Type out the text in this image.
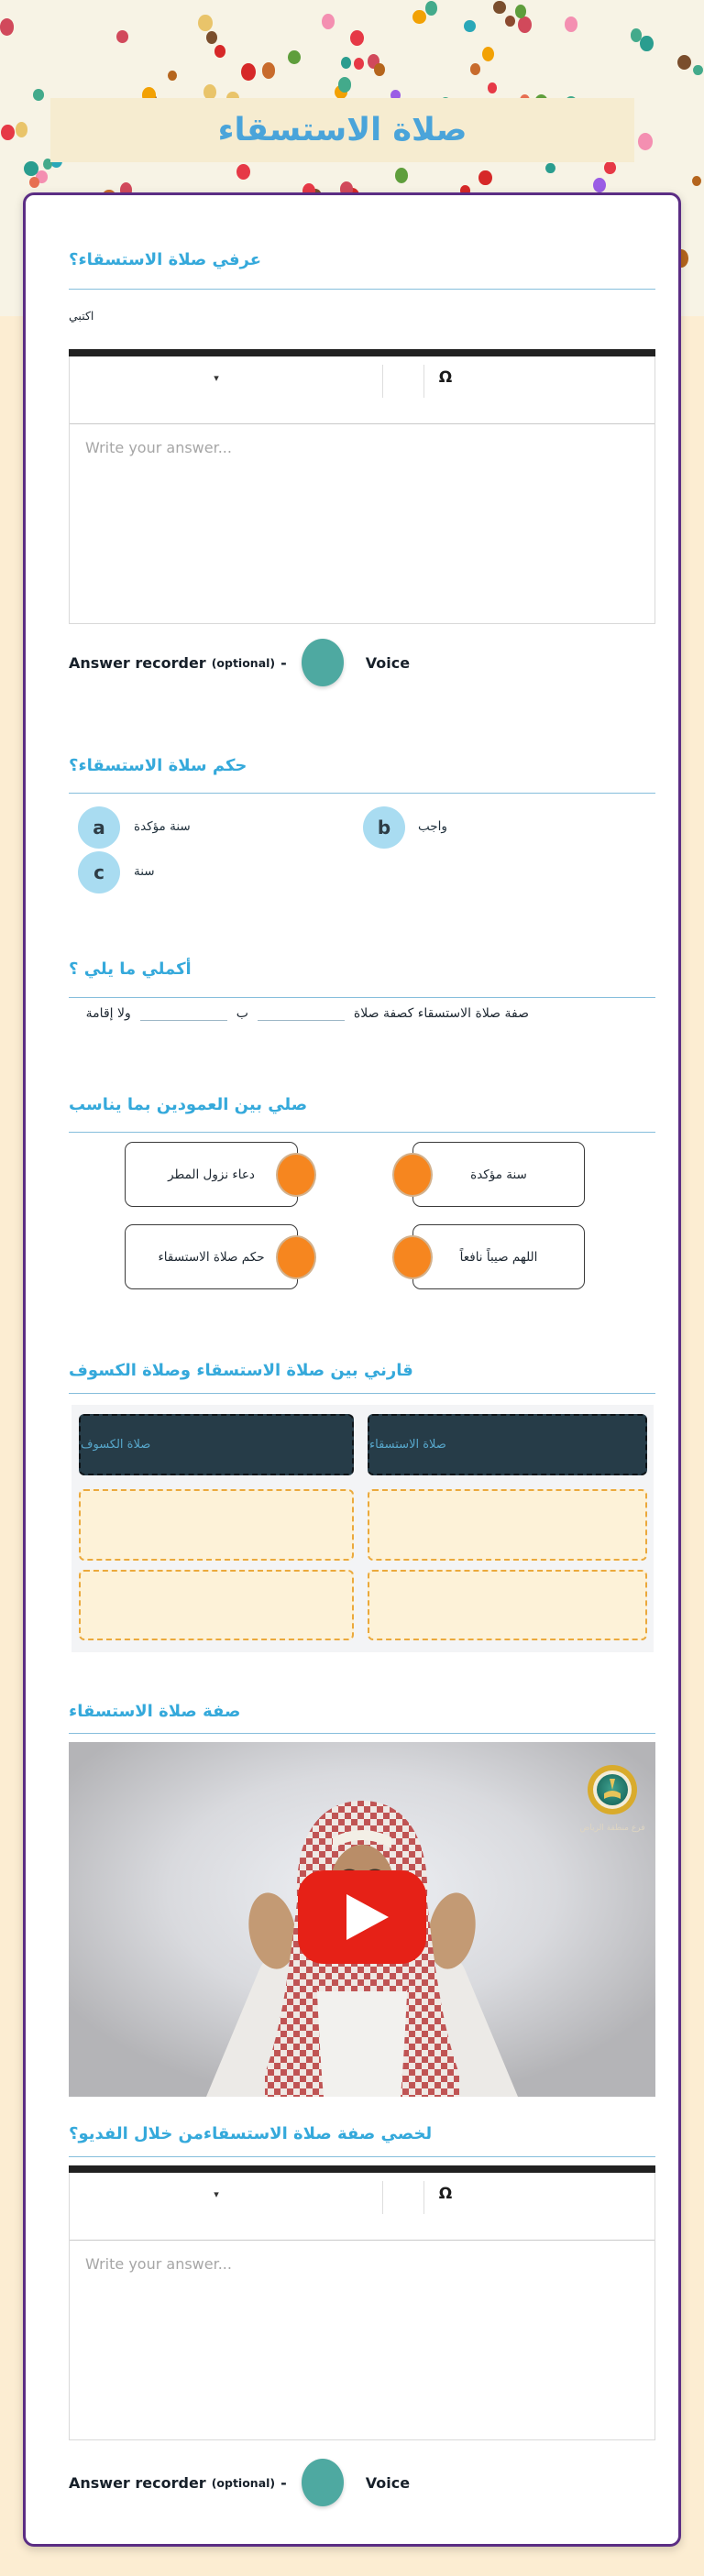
صلاة الاستسقاء
عرفي صلاة الاستسقاء؟
اكتبي
▾	Ω
Write your answer...
Answer recorder (optional) -	Voice
حكم سلاة الاستسقاء؟
a	سنة مؤكدة	b	واجب
c	سنة
أكملي ما يلي ؟
صفة صلاة الاستسقاء كصفة صلاة
ب
ولا إقامة
صلي بين العمودين بما يناسب
دعاء نزول المطر	سنة مؤكدة
حكم صلاة الاستسقاء	اللهم صيباً نافعاً
قارني بين صلاة الاستسقاء وصلاة الكسوف
صلاة الكسوف	صلاة الاستسقاء
صفة صلاة الاستسقاء
فرع منطقة الرياض
لخصي صفة صلاة الاستسقاءمن خلال الفديو؟
▾	Ω
Write your answer...
Answer recorder (optional) -	Voice
